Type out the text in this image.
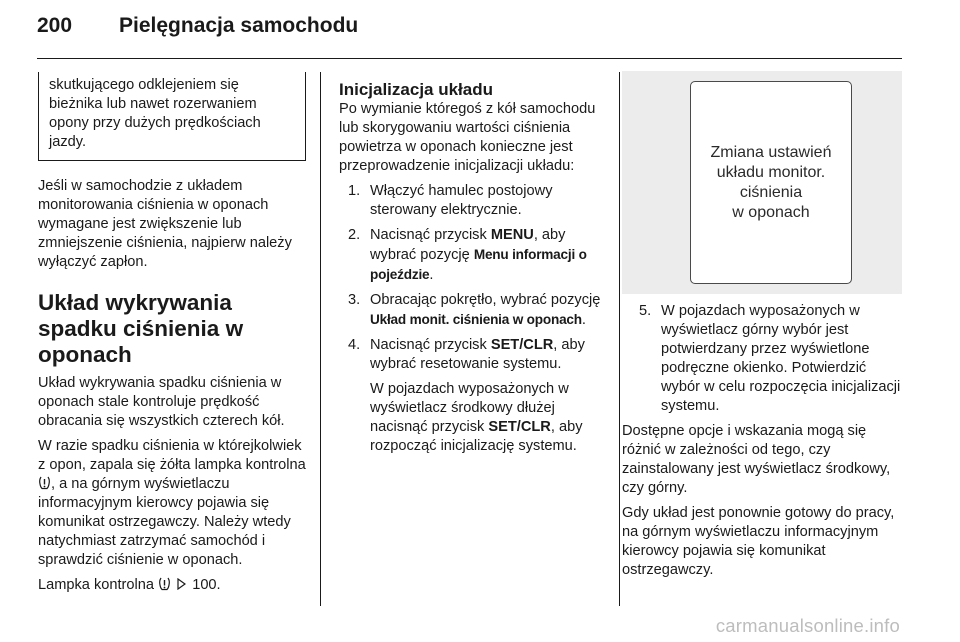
200	Pielęgnacja samochodu

skutkującego odklejeniem się bieżnika lub nawet rozerwaniem opony przy dużych prędkościach jazdy.

Jeśli w samochodzie z układem monitorowania ciśnienia w oponach wymagane jest zwiększenie lub zmniejszenie ciśnienia, najpierw należy wyłączyć zapłon.

Układ wykrywania spadku ciśnienia w oponach

Układ wykrywania spadku ciśnienia w oponach stale kontroluje prędkość obracania się wszystkich czterech kół.

W razie spadku ciśnienia w którejkolwiek z opon, zapala się żółta lampka kontrolna , a na górnym wyświetlaczu informacyjnym kierowcy pojawia się komunikat ostrzegawczy. Należy wtedy natychmiast zatrzymać samochód i sprawdzić ciśnienie w oponach.

Lampka kontrolna	100.

Inicjalizacja układu

Po wymianie któregoś z kół samochodu lub skorygowaniu wartości ciśnienia powietrza w oponach konieczne jest przeprowadzenie inicjalizacji układu:

1. Włączyć hamulec postojowy sterowany elektrycznie.
2. Nacisnąć przycisk MENU, aby wybrać pozycję Menu informacji o pojeździe.
3. Obracając pokrętło, wybrać pozycję Układ monit. ciśnienia w oponach.
4. Nacisnąć przycisk SET/CLR, aby wybrać resetowanie systemu.

W pojazdach wyposażonych w wyświetlacz środkowy dłużej nacisnąć przycisk SET/CLR, aby rozpocząć inicjalizację systemu.

Zmiana ustawień
układu monitor.
ciśnienia
w oponach
5. W pojazdach wyposażonych w wyświetlacz górny wybór jest potwierdzany przez wyświetlone podręczne okienko. Potwierdzić wybór w celu rozpoczęcia inicjalizacji systemu.

Dostępne opcje i wskazania mogą się różnić w zależności od tego, czy zainstalowany jest wyświetlacz środkowy, czy górny.

Gdy układ jest ponownie gotowy do pracy, na górnym wyświetlaczu informacyjnym kierowcy pojawia się komunikat ostrzegawczy.

carmanualsonline.info
